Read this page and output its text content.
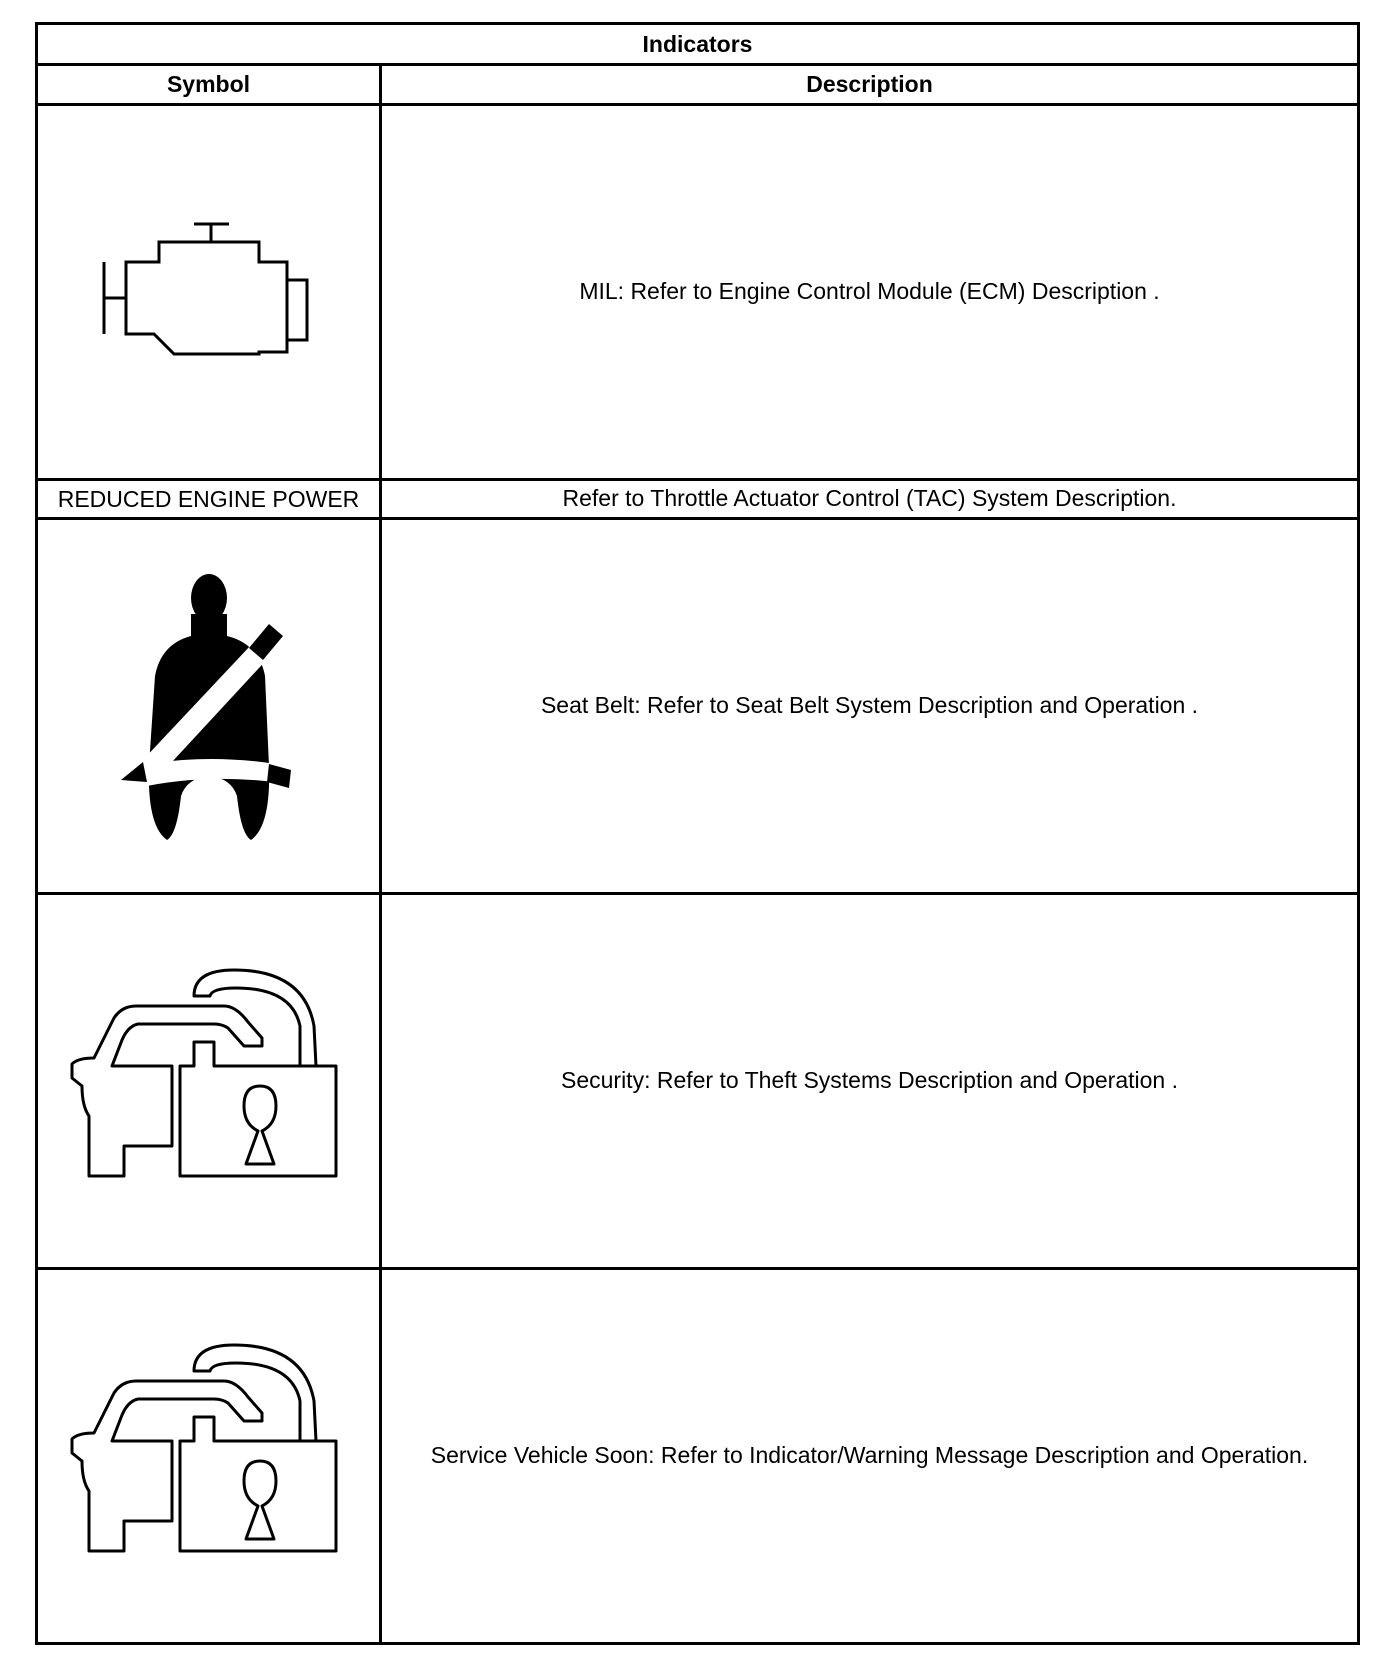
Indicators	
Symbol	Description

	MIL: Refer to Engine Control Module (ECM) Description .
REDUCED ENGINE POWER	Refer to Throttle Actuator Control (TAC) System Description.

	Seat Belt: Refer to Seat Belt System Description and Operation .

	Security: Refer to Theft Systems Description and Operation .

	Service Vehicle Soon: Refer to Indicator/Warning Message Description and Operation.
